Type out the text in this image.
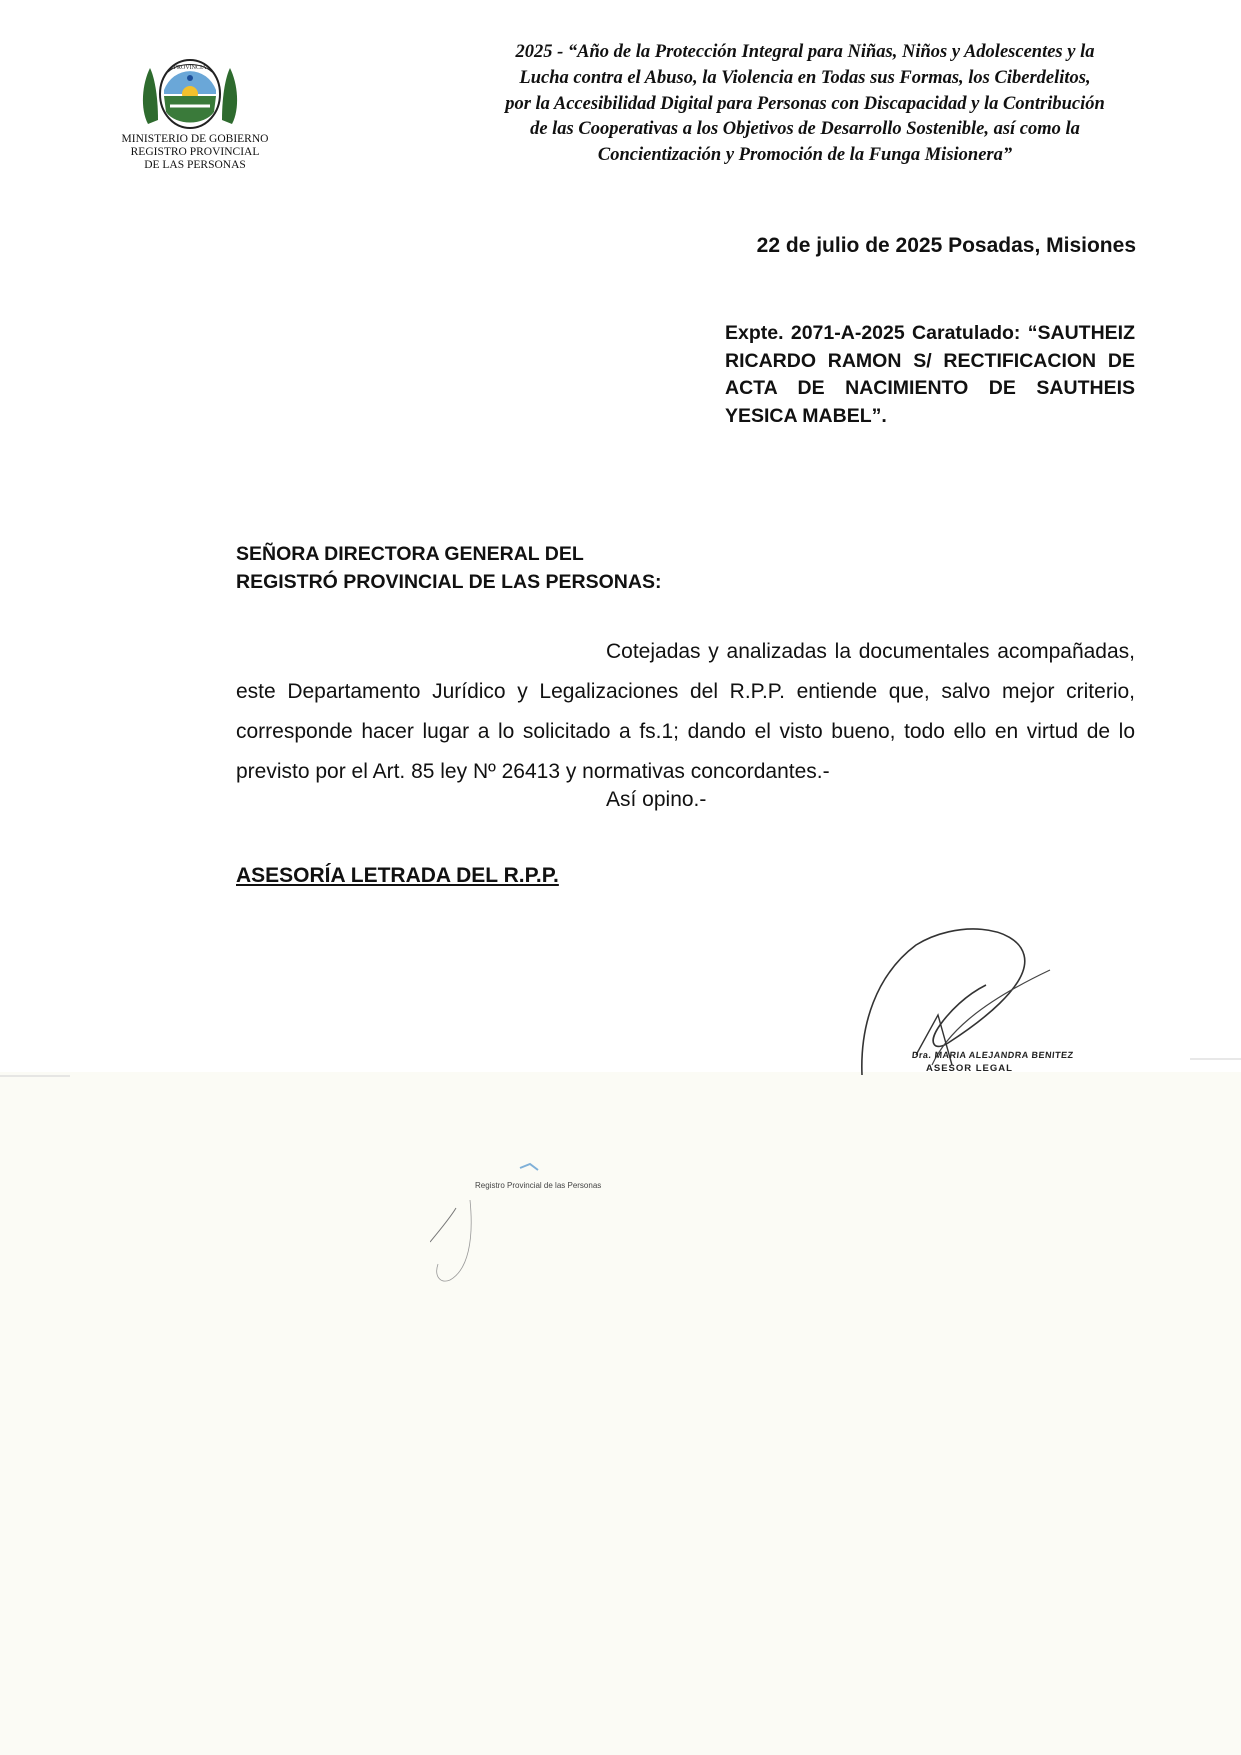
PROVINCIA
MINISTERIO DE GOBIERNO
REGISTRO PROVINCIAL
DE LAS PERSONAS
2025 - “Año de la Protección Integral para Niñas, Niños y Adolescentes y la
Lucha contra el Abuso, la Violencia en Todas sus Formas, los Ciberdelitos,
por la Accesibilidad Digital para Personas con Discapacidad y la Contribución
de las Cooperativas a los Objetivos de Desarrollo Sostenible, así como la
Concientización y Promoción de la Funga Misionera”
22 de julio de 2025 Posadas, Misiones
Expte. 2071-A-2025 Caratulado: “SAUTHEIZ RICARDO RAMON S/ RECTIFICACION DE ACTA DE NACIMIENTO DE SAUTHEIS YESICA MABEL”.
SEÑORA DIRECTORA GENERAL DEL
REGISTRÓ PROVINCIAL DE LAS PERSONAS:
Cotejadas y analizadas la documentales acompañadas, este Departamento Jurídico y Legalizaciones del R.P.P. entiende que, salvo mejor criterio, corresponde hacer lugar a lo solicitado a fs.1; dando el visto bueno, todo ello en virtud de lo previsto por el Art. 85 ley Nº 26413 y normativas concordantes.-
Así opino.-
ASESORÍA LETRADA DEL R.P.P.
Dra. MARIA ALEJANDRA BENITEZ
ASESOR LEGAL
Registro Provincial de las Personas
